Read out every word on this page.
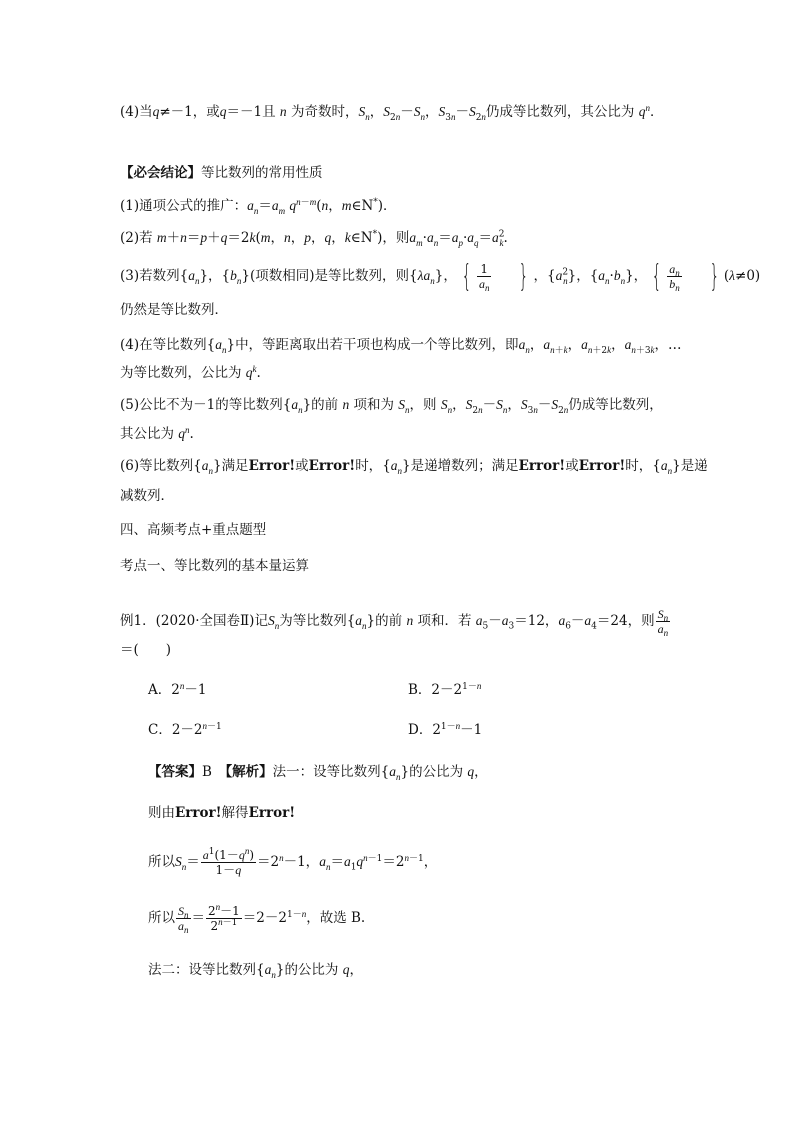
(4)当q≠－1，或q＝－1且 n 为奇数时，$S_n$，$S_{2n}-S_n$，$S_{3n}-S_{2n}$仍成等比数列，其公比为 $q^n$．
【必会结论】等比数列的常用性质
(1)通项公式的推广：$a_n=a_m$ $q^{n-m}(n$，m∈N*)．
(2)若 m＋n＝p＋q＝2k(m，n，p，q，k∈N*)，则$a_m\cdot a_n=a_p\cdot a_q=a^2_k$.
(3)若数列$\{a_n\}$，$\{b_n\}$(项数相同)是等比数列，则$\{\lambda a_n\}$， { $\frac{1}{a_n}$ } ，$\{a^2_n\}$，$\{a_n\cdot b_n\}$， { $\frac{a_n}{b_n}$ } (λ≠0)
仍然是等比数列．
(4)在等比数列$\{a_n\}$中，等距离取出若干项也构成一个等比数列，即$a_n$，$a_{n+k}$，$a_{n+2k}$，$a_{n+3k}$，…
为等比数列，公比为 $q^k$.
(5)公比不为－1的等比数列$\{a_n\}$的前 n 项和为 $S_n$，则 $S_n$，$S_{2n}-S_n$，$S_{3n}-S_{2n}$仍成等比数列，
其公比为 $q^n$.
(6)等比数列$\{a_n\}$满足Error!或Error!时，$\{a_n\}$是递增数列；满足Error!或Error!时，$\{a_n\}$是递
减数列．
四、高频考点+重点题型
考点一、等比数列的基本量运算
例1．(2020·全国卷Ⅱ)记$S_n$为等比数列$\{a_n\}$的前 n 项和．若 $a_5-a_3=12$，$a_6-a_4=24$，则 $\frac{S_n}{a_n}$
＝(　　)
A．$2^n-1$	B．$2-2^{1-n}$
C．$2-2^{n-1}$	D．$2^{1-n}-1$
【答案】B　 【解析】法一：设等比数列$\{a_n\}$的公比为 q，
则由Error!解得Error!
所以$S_n= \frac{a^1(1-q^n)}{1-q} =2^n-1$，$a_n=a_1q^{n-1}=2^{n-1}$，
所以 $\frac{S_n}{a_n} = \frac{2^n-1}{2^{n-1}} =2-2^{1-n}$，故选 B.
法二：设等比数列$\{a_n\}$的公比为 q，
